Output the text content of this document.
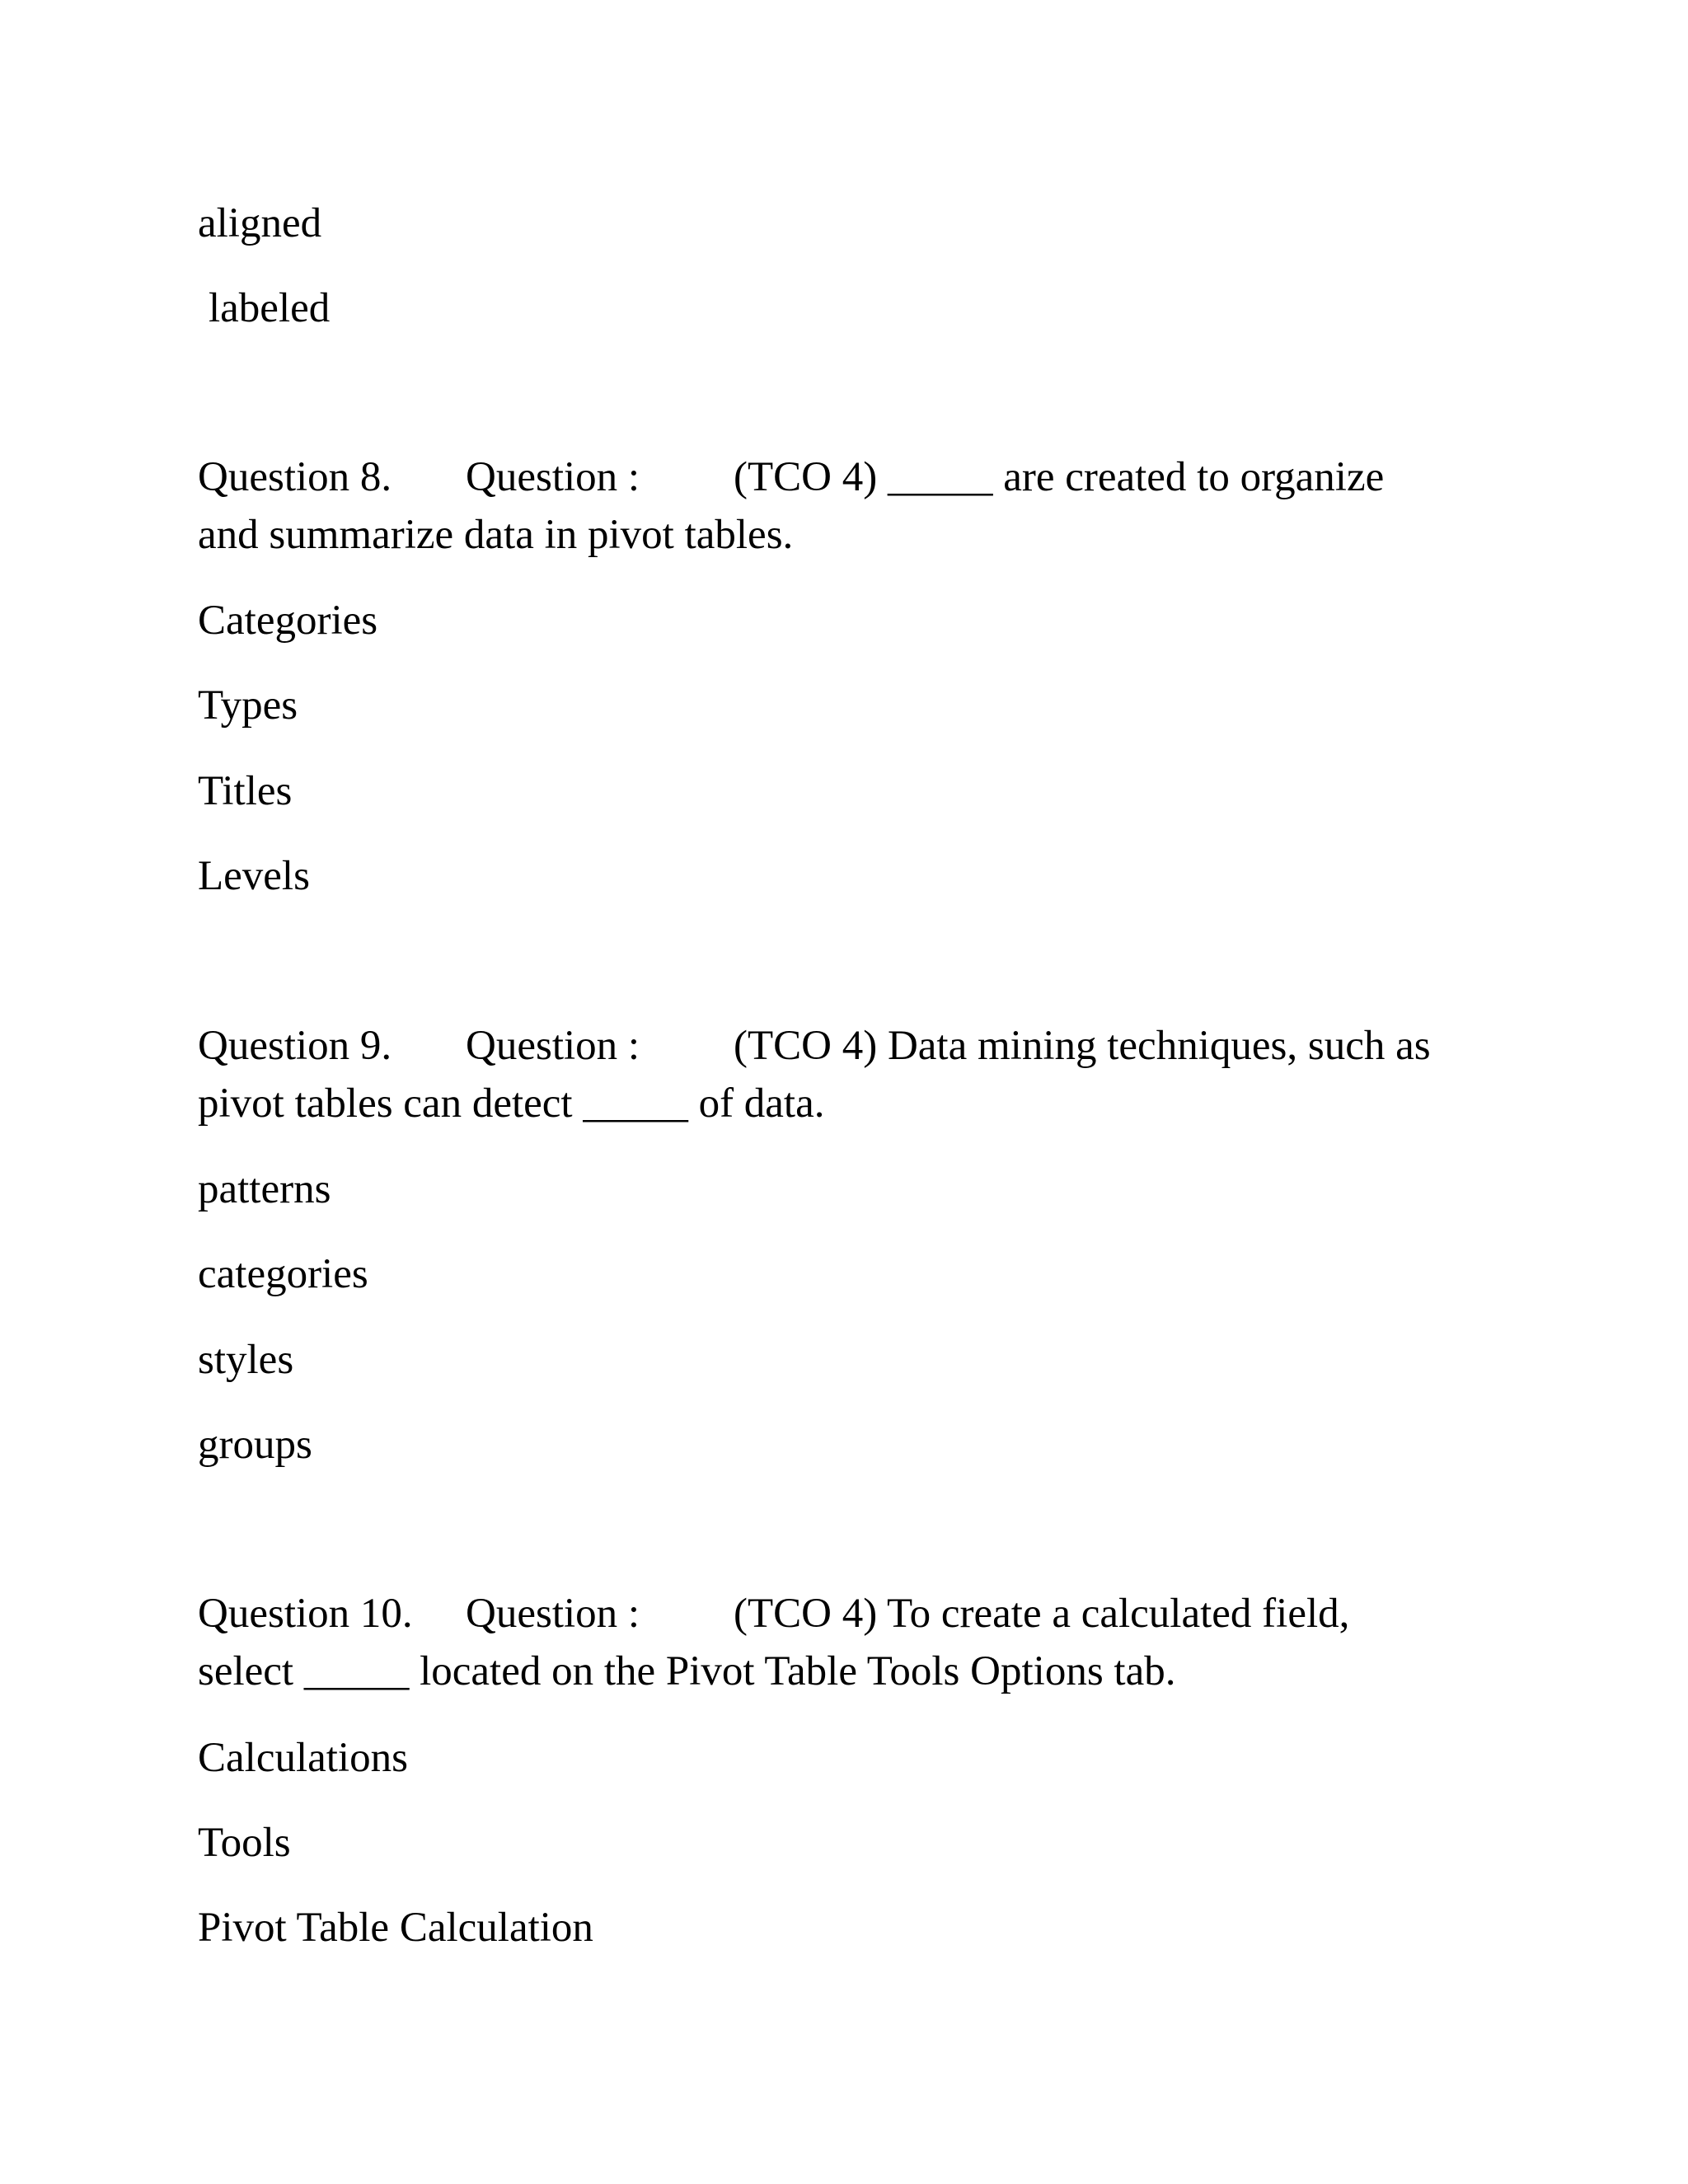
aligned
labeled

Question 8.

Question :

(TCO 4) _____ are created to organize

and summarize data in pivot tables.

Categories
Types
Titles
Levels

Question 9.

Question :

(TCO 4) Data mining techniques, such as

pivot tables can detect _____ of data.

patterns
categories
styles
groups

Question 10.

Question :

(TCO 4) To create a calculated field,

select _____ located on the Pivot Table Tools Options tab.

Calculations
Tools
Pivot Table Calculation
